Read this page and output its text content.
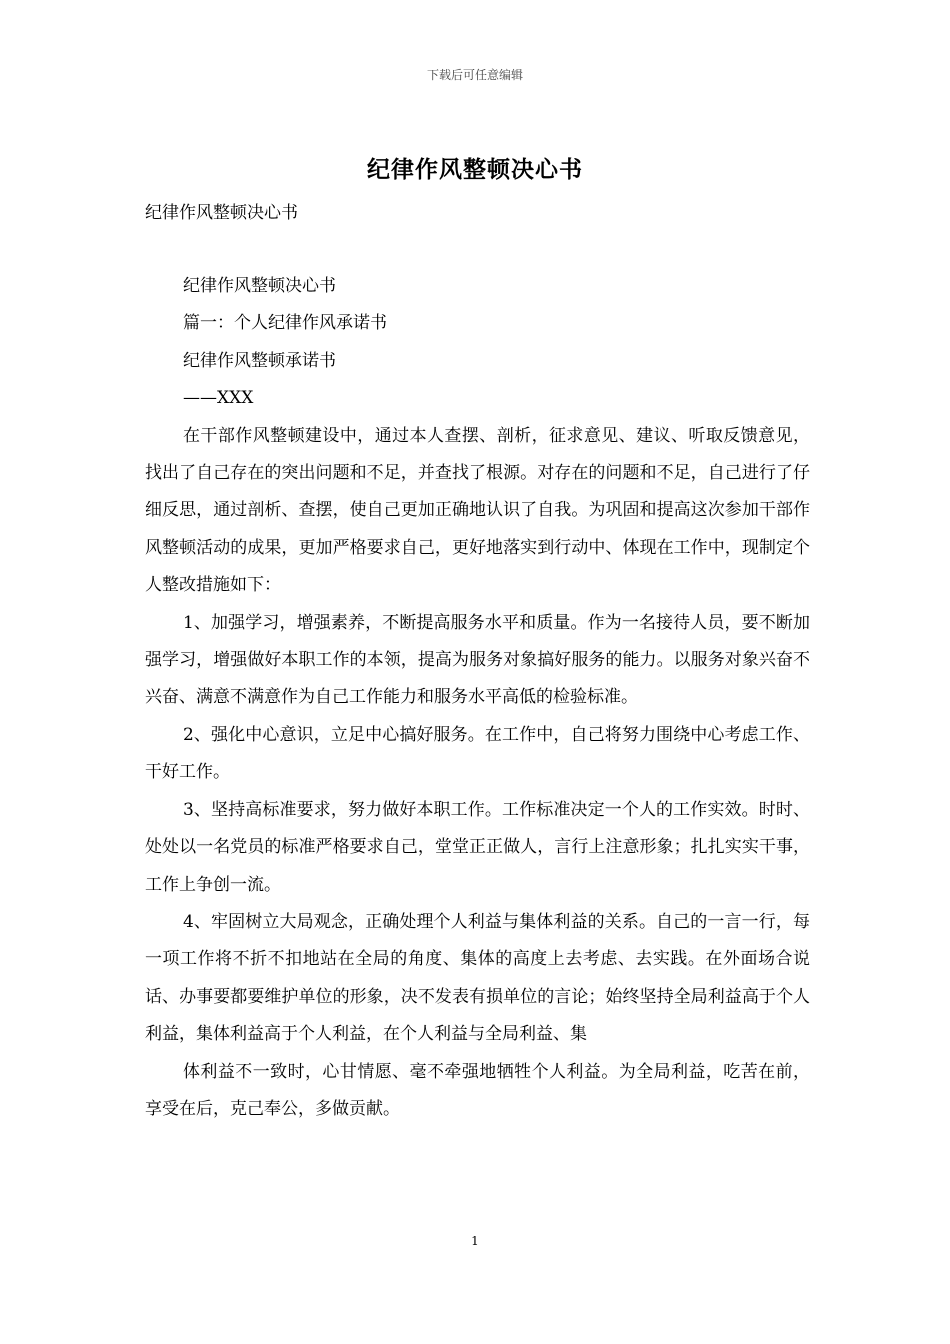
下载后可任意编辑
纪律作风整顿决心书
纪律作风整顿决心书

纪律作风整顿决心书

篇一：个人纪律作风承诺书

纪律作风整顿承诺书

——XXX

在干部作风整顿建设中，通过本人查摆、剖析，征求意见、建议、听取反馈意见，找出了自己存在的突出问题和不足，并查找了根源。对存在的问题和不足，自己进行了仔细反思，通过剖析、查摆，使自己更加正确地认识了自我。为巩固和提高这次参加干部作风整顿活动的成果，更加严格要求自己，更好地落实到行动中、体现在工作中，现制定个人整改措施如下：

1、加强学习，增强素养，不断提高服务水平和质量。作为一名接待人员，要不断加强学习，增强做好本职工作的本领，提高为服务对象搞好服务的能力。以服务对象兴奋不兴奋、满意不满意作为自己工作能力和服务水平高低的检验标准。

2、强化中心意识，立足中心搞好服务。在工作中，自己将努力围绕中心考虑工作、干好工作。

3、坚持高标准要求，努力做好本职工作。工作标准决定一个人的工作实效。时时、处处以一名党员的标准严格要求自己，堂堂正正做人，言行上注意形象；扎扎实实干事，工作上争创一流。

4、牢固树立大局观念，正确处理个人利益与集体利益的关系。自己的一言一行，每一项工作将不折不扣地站在全局的角度、集体的高度上去考虑、去实践。在外面场合说话、办事要都要维护单位的形象，决不发表有损单位的言论；始终坚持全局利益高于个人利益，集体利益高于个人利益，在个人利益与全局利益、集

体利益不一致时，心甘情愿、毫不牵强地牺牲个人利益。为全局利益，吃苦在前，享受在后，克己奉公，多做贡献。

1
